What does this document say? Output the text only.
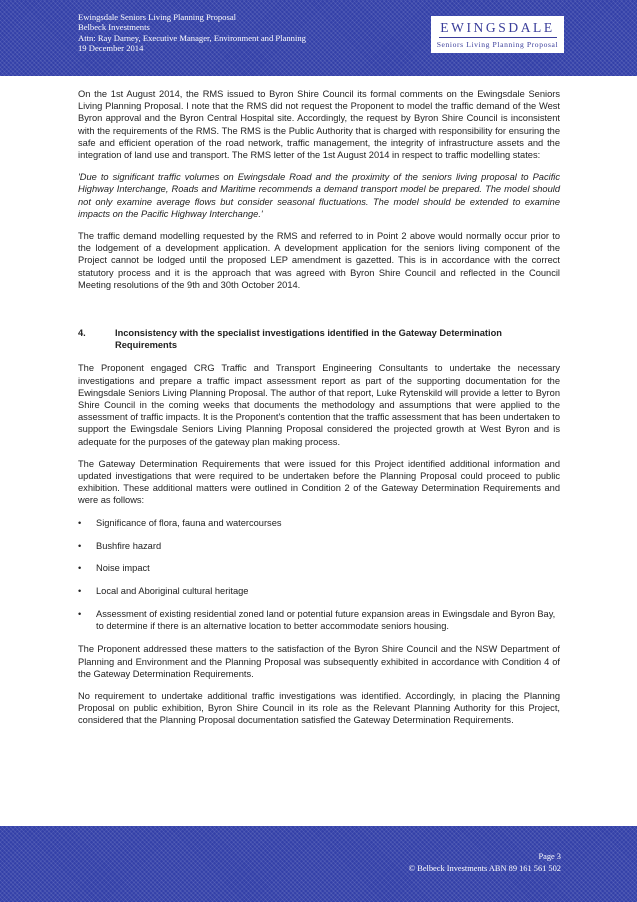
Ewingsdale Seniors Living Planning Proposal
Belbeck Investments
Attn: Ray Darney, Executive Manager, Environment and Planning
19 December 2014
EWINGSDALE
Seniors Living Planning Proposal

On the 1st August 2014, the RMS issued to Byron Shire Council its formal comments on the Ewingsdale Seniors Living Planning Proposal. I note that the RMS did not request the Proponent to model the traffic demand of the West Byron approval and the Byron Central Hospital site. Accordingly, the request by Byron Shire Council is inconsistent with the requirements of the RMS. The RMS is the Public Authority that is charged with responsibility for ensuring the safe and efficient operation of the road network, traffic management, the integrity of infrastructure assets and the integration of land use and transport. The RMS letter of the 1st August 2014 in respect to traffic modelling states:

'Due to significant traffic volumes on Ewingsdale Road and the proximity of the seniors living proposal to Pacific Highway Interchange, Roads and Maritime recommends a demand transport model be prepared. The model should not only examine average flows but consider seasonal fluctuations. The model should be extended to examine impacts on the Pacific Highway Interchange.'

The traffic demand modelling requested by the RMS and referred to in Point 2 above would normally occur prior to the lodgement of a development application. A development application for the seniors living component of the Project cannot be lodged until the proposed LEP amendment is gazetted. This is in accordance with the correct statutory process and it is the approach that was agreed with Byron Shire Council and reflected in the Council Meeting resolutions of the 9th and 30th October 2014.

4.	Inconsistency with the specialist investigations identified in the Gateway Determination Requirements

The Proponent engaged CRG Traffic and Transport Engineering Consultants to undertake the necessary investigations and prepare a traffic impact assessment report as part of the supporting documentation for the Ewingsdale Seniors Living Planning Proposal. The author of that report, Luke Rytenskild will provide a letter to Byron Shire Council in the coming weeks that documents the methodology and assumptions that were applied to the assessment of traffic impacts. It is the Proponent's contention that the traffic assessment that has been undertaken to support the Ewingsdale Seniors Living Planning Proposal considered the projected growth at West Byron and is adequate for the purposes of the gateway plan making process.

The Gateway Determination Requirements that were issued for this Project identified additional information and updated investigations that were required to be undertaken before the Planning Proposal could proceed to public exhibition. These additional matters were outlined in Condition 2 of the Gateway Determination Requirements and were as follows:

•	Significance of flora, fauna and watercourses
•	Bushfire hazard
•	Noise impact
•	Local and Aboriginal cultural heritage
•	Assessment of existing residential zoned land or potential future expansion areas in Ewingsdale and Byron Bay, to determine if there is an alternative location to better accommodate seniors housing.

The Proponent addressed these matters to the satisfaction of the Byron Shire Council and the NSW Department of Planning and Environment and the Planning Proposal was subsequently exhibited in accordance with Condition 4 of the Gateway Determination Requirements.

No requirement to undertake additional traffic investigations was identified. Accordingly, in placing the Planning Proposal on public exhibition, Byron Shire Council in its role as the Relevant Planning Authority for this Project, considered that the Planning Proposal documentation satisfied the Gateway Determination Requirements.

Page 3
© Belbeck Investments ABN 89 161 561 502
